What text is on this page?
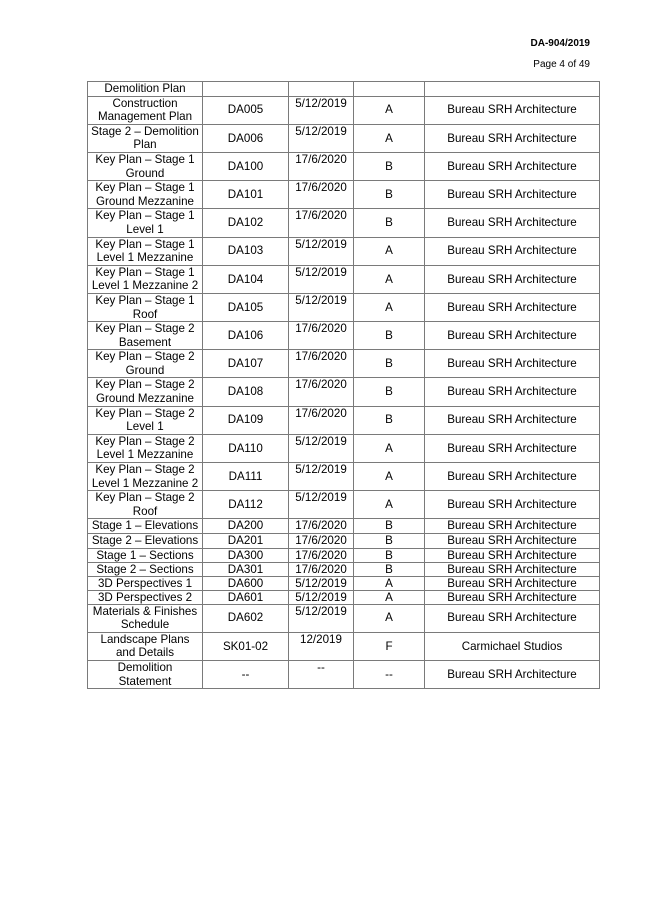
DA-904/2019
Page 4 of 49
Demolition Plan				
Construction Management Plan	DA005	5/12/2019	A	Bureau SRH Architecture
Stage 2 – Demolition Plan	DA006	5/12/2019	A	Bureau SRH Architecture
Key Plan – Stage 1 Ground	DA100	17/6/2020	B	Bureau SRH Architecture
Key Plan – Stage 1 Ground Mezzanine	DA101	17/6/2020	B	Bureau SRH Architecture
Key Plan – Stage 1 Level 1	DA102	17/6/2020	B	Bureau SRH Architecture
Key Plan – Stage 1 Level 1 Mezzanine	DA103	5/12/2019	A	Bureau SRH Architecture
Key Plan – Stage 1 Level 1 Mezzanine 2	DA104	5/12/2019	A	Bureau SRH Architecture
Key Plan – Stage 1 Roof	DA105	5/12/2019	A	Bureau SRH Architecture
Key Plan – Stage 2 Basement	DA106	17/6/2020	B	Bureau SRH Architecture
Key Plan – Stage 2 Ground	DA107	17/6/2020	B	Bureau SRH Architecture
Key Plan – Stage 2 Ground Mezzanine	DA108	17/6/2020	B	Bureau SRH Architecture
Key Plan – Stage 2 Level 1	DA109	17/6/2020	B	Bureau SRH Architecture
Key Plan – Stage 2 Level 1 Mezzanine	DA110	5/12/2019	A	Bureau SRH Architecture
Key Plan – Stage 2 Level 1 Mezzanine 2	DA111	5/12/2019	A	Bureau SRH Architecture
Key Plan – Stage 2 Roof	DA112	5/12/2019	A	Bureau SRH Architecture
Stage 1 – Elevations	DA200	17/6/2020	B	Bureau SRH Architecture
Stage 2 – Elevations	DA201	17/6/2020	B	Bureau SRH Architecture
Stage 1 – Sections	DA300	17/6/2020	B	Bureau SRH Architecture
Stage 2 – Sections	DA301	17/6/2020	B	Bureau SRH Architecture
3D Perspectives 1	DA600	5/12/2019	A	Bureau SRH Architecture
3D Perspectives 2	DA601	5/12/2019	A	Bureau SRH Architecture
Materials & Finishes Schedule	DA602	5/12/2019	A	Bureau SRH Architecture
Landscape Plans and Details	SK01-02	12/2019	F	Carmichael Studios
Demolition Statement	--	--	--	Bureau SRH Architecture
